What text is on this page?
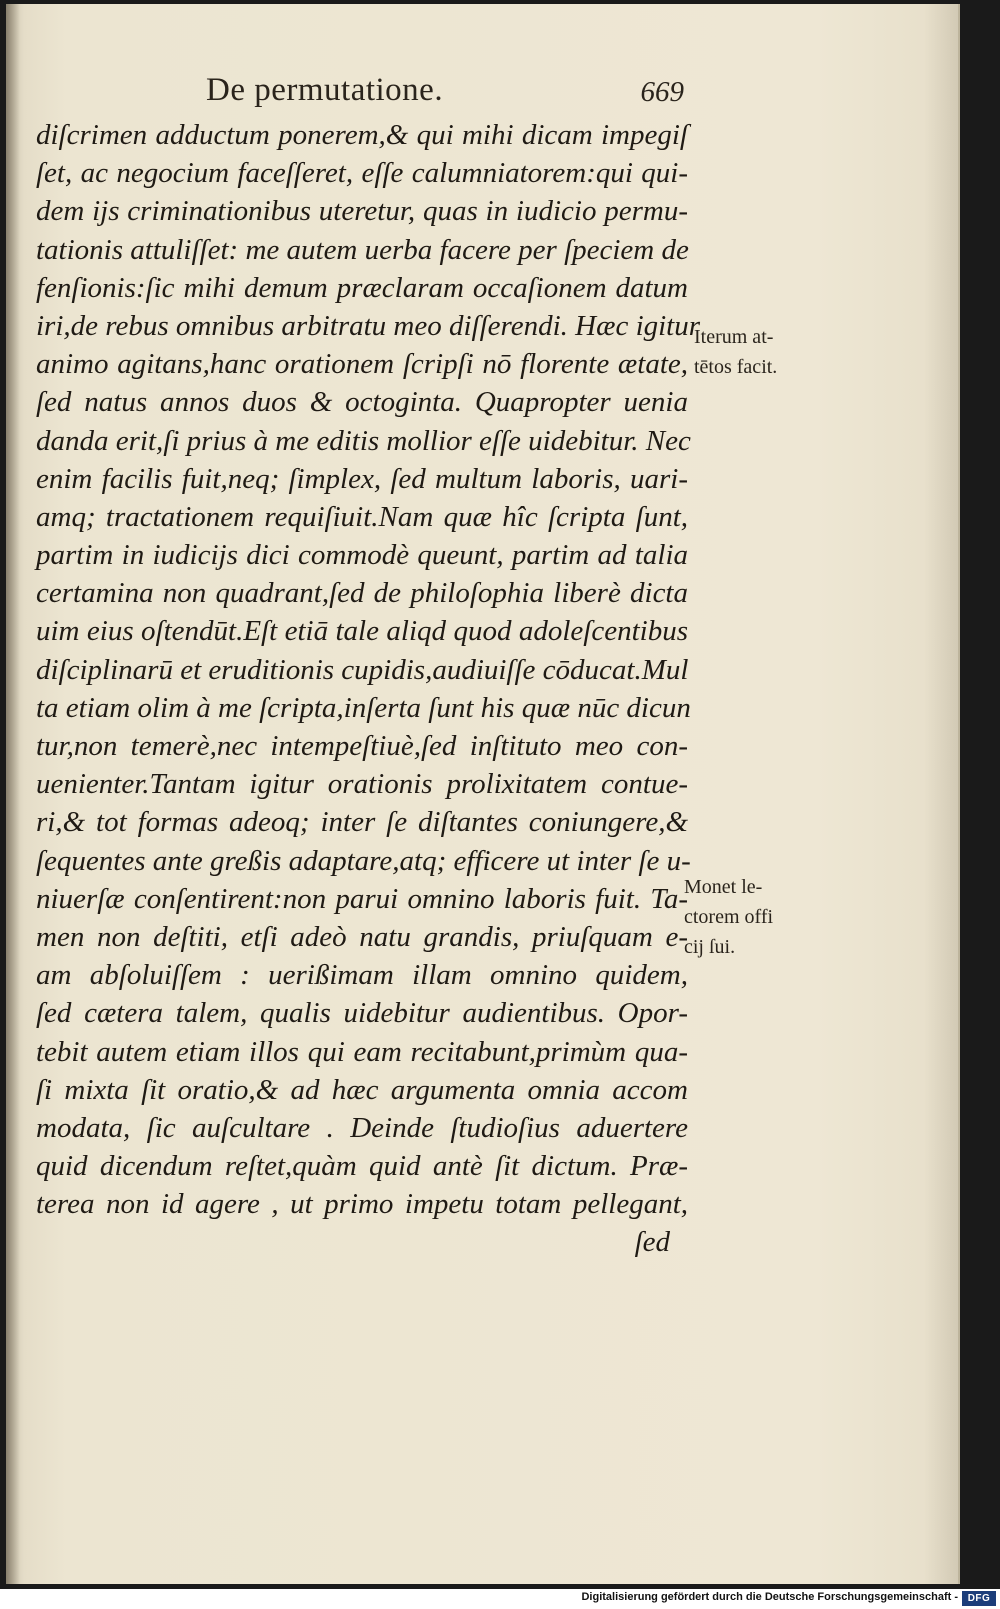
De permutatione.	669
diſcrimen adductum ponerem,& qui mihi dicam impegiſ
ſet, ac negocium faceſſeret, eſſe calumniatorem:qui qui-
dem ijs criminationibus uteretur, quas in iudicio permu-
tationis attuliſſet: me autem uerba facere per ſpeciem de
fenſionis:ſic mihi demum præclaram occaſionem datum
iri,de rebus omnibus arbitratu meo diſſerendi. Hæc igitur
animo agitans,hanc orationem ſcripſi nō florente ætate,
ſed natus annos duos & octoginta. Quapropter uenia
danda erit,ſi prius à me editis mollior eſſe uidebitur. Nec
enim facilis fuit,neq; ſimplex, ſed multum laboris, uari-
amq; tractationem requiſiuit.Nam quæ hîc ſcripta ſunt,
partim in iudicijs dici commodè queunt, partim ad talia
certamina non quadrant,ſed de philoſophia liberè dicta
uim eius oſtendūt.Eſt etiā tale aliqd quod adoleſcentibus
diſciplinarū et eruditionis cupidis,audiuiſſe cōducat.Mul
ta etiam olim à me ſcripta,inſerta ſunt his quæ nūc dicun
tur,non temerè,nec intempeſtiuè,ſed inſtituto meo con-
uenienter.Tantam igitur orationis prolixitatem contue-
ri,& tot formas adeoq; inter ſe diſtantes coniungere,&
ſequentes ante greßis adaptare,atq; efficere ut inter ſe u-
niuerſæ conſentirent:non parui omnino laboris fuit. Ta-
men non deſtiti, etſi adeò natu grandis, priuſquam e-
am abſoluiſſem : uerißimam illam omnino quidem,
ſed cætera talem, qualis uidebitur audientibus. Opor-
tebit autem etiam illos qui eam recitabunt,primùm qua-
ſi mixta ſit oratio,& ad hæc argumenta omnia accom
modata, ſic auſcultare . Deinde ſtudioſius aduertere
quid dicendum reſtet,quàm quid antè ſit dictum. Præ-
terea non id agere , ut primo impetu totam pellegant,
ſed
Iterum at-
tētos facit.
Monet le-
ctorem offi
cij ſui.
Digitalisierung gefördert durch die Deutsche Forschungsgemeinschaft - DFG
